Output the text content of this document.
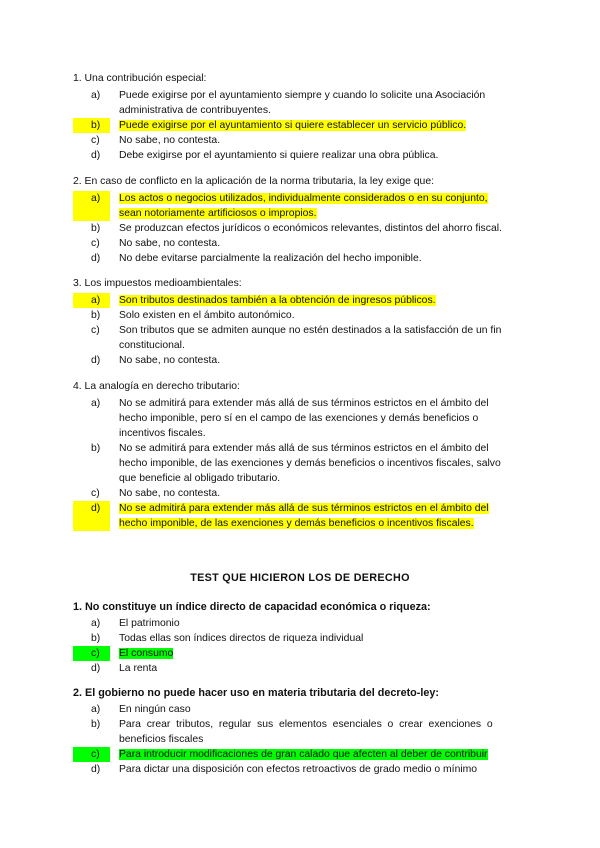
1. Una contribución especial:
a)	Puede exigirse por el ayuntamiento siempre y cuando lo solicite una Asociación
administrativa de contribuyentes.
b)	Puede exigirse por el ayuntamiento si quiere establecer un servicio público.
c)	No sabe, no contesta.
d)	Debe exigirse por el ayuntamiento si quiere realizar una obra pública.
2. En caso de conflicto en la aplicación de la norma tributaria, la ley exige que:
a)	Los actos o negocios utilizados, individualmente considerados o en su conjunto,
sean notoriamente artificiosos o impropios.
b)	Se produzcan efectos jurídicos o económicos relevantes, distintos del ahorro fiscal.
c)	No sabe, no contesta.
d)	No debe evitarse parcialmente la realización del hecho imponible.
3. Los impuestos medioambientales:
a)	Son tributos destinados también a la obtención de ingresos públicos.
b)	Solo existen en el ámbito autonómico.
c)	Son tributos que se admiten aunque no estén destinados a la satisfacción de un fin
constitucional.
d)	No sabe, no contesta.
4. La analogía en derecho tributario:
a)	No se admitirá para extender más allá de sus términos estrictos en el ámbito del
hecho imponible, pero sí en el campo de las exenciones y demás beneficios o
incentivos fiscales.
b)	No se admitirá para extender más allá de sus términos estrictos en el ámbito del
hecho imponible, de las exenciones y demás beneficios o incentivos fiscales, salvo
que beneficie al obligado tributario.
c)	No sabe, no contesta.
d)	No se admitirá para extender más allá de sus términos estrictos en el ámbito del
hecho imponible, de las exenciones y demás beneficios o incentivos fiscales.
TEST QUE HICIERON LOS DE DERECHO
1. No constituye un índice directo de capacidad económica o riqueza:
a)	El patrimonio
b)	Todas ellas son índices directos de riqueza individual
c)	El consumo
d)	La renta
2. El gobierno no puede hacer uso en materia tributaria del decreto-ley:
a)	En ningún caso
b)	Para  crear  tributos,  regular  sus  elementos  esenciales  o  crear  exenciones  o
beneficios fiscales
c)	Para introducir modificaciones de gran calado que afecten al deber de contribuir
d)	Para dictar una disposición con efectos retroactivos de grado medio o mínimo
